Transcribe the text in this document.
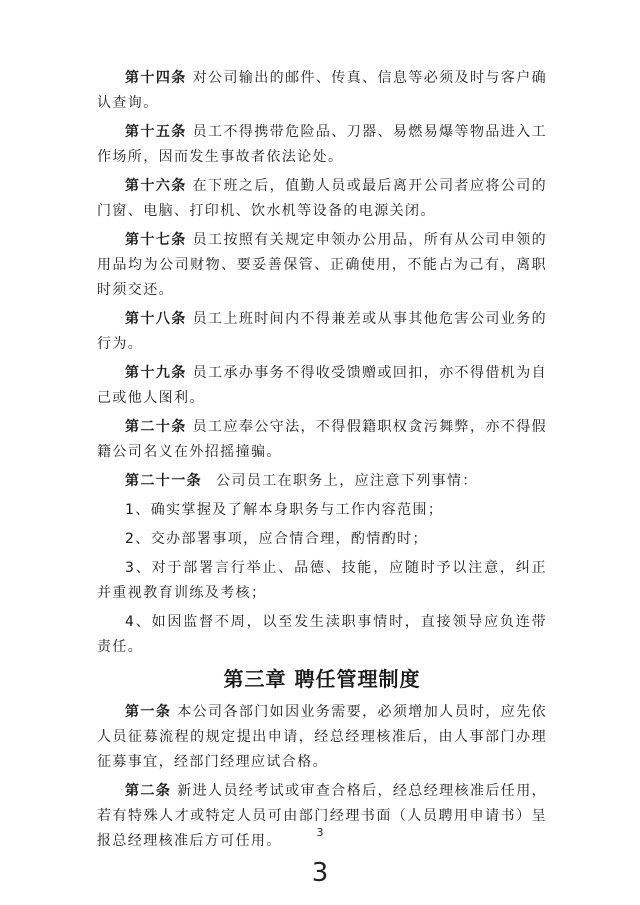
第十四条 对公司输出的邮件、传真、信息等必须及时与客户确认查询。

第十五条 员工不得携带危险品、刀器、易燃易爆等物品进入工作场所，因而发生事故者依法论处。

第十六条 在下班之后，值勤人员或最后离开公司者应将公司的门窗、电脑、打印机、饮水机等设备的电源关闭。

第十七条 员工按照有关规定申领办公用品，所有从公司申领的用品均为公司财物、要妥善保管、正确使用，不能占为己有，离职时须交还。

第十八条 员工上班时间内不得兼差或从事其他危害公司业务的行为。

第十九条 员工承办事务不得收受馈赠或回扣，亦不得借机为自己或他人图利。

第二十条 员工应奉公守法，不得假籍职权贪污舞弊，亦不得假籍公司名义在外招摇撞骗。

第二十一条 公司员工在职务上，应注意下列事情：

1、确实掌握及了解本身职务与工作内容范围；

2、交办部署事项，应合情合理，酌情酌时；

3、对于部署言行举止、品德、技能，应随时予以注意，纠正并重视教育训练及考核；

4、如因监督不周，以至发生渎职事情时，直接领导应负连带责任。

第三章 聘任管理制度

第一条 本公司各部门如因业务需要，必须增加人员时，应先依人员征募流程的规定提出申请，经总经理核准后，由人事部门办理征募事宜，经部门经理应试合格。

第二条 新进人员经考试或审查合格后，经总经理核准后任用，若有特殊人才或特定人员可由部门经理书面（人员聘用申请书）呈报总经理核准后方可任用。

3
3
